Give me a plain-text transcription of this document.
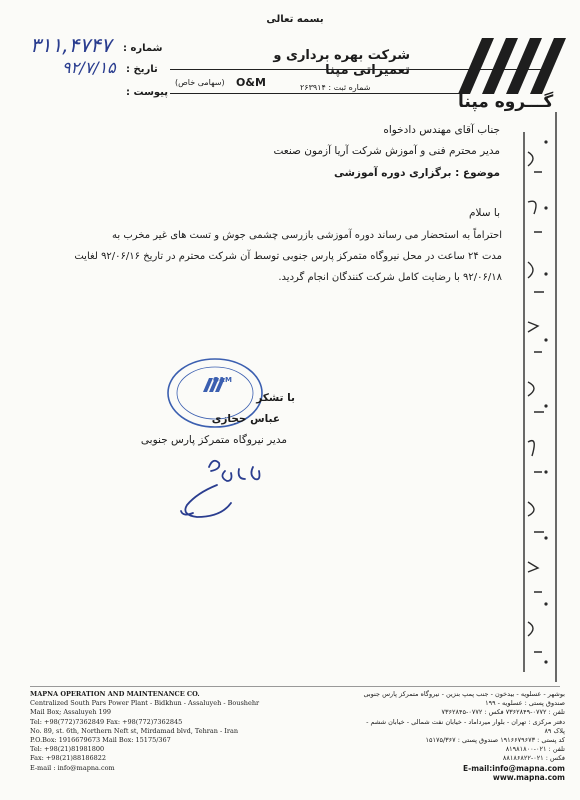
بسمه تعالی
شماره :
تاریخ :
پیوست :
۳۱۱,۴۷۴۷
۹۲/۷/۱۵
شرکت بهره برداری و تعمیراتی مپنا
O&M
(سهامی خاص)
شماره ثبت : ۲۶۳۹۱۴
گـــروه مپنا
جناب آقای مهندس دادخواه
مدیر محترم فنی و آموزش شرکت آریا آزمون صنعت
موضوع : برگزاری دوره آموزشی
با سلام
احتراماً به استحضار می رساند دوره آموزشی بازرسی چشمی جوش و تست های غیر مخرب به
مدت ۲۴ ساعت در محل نیروگاه متمرکز پارس جنوبی توسط آن شرکت محترم در تاریخ ۹۲/۰۶/۱۶ لغایت
۹۲/۰۶/۱۸ با رضایت کامل شرکت کنندگان انجام گردید.
O&M
با تشکر
عباس حجازی
مدیر نیروگاه متمرکز پارس جنوبی
MAPNA OPERATION AND MAINTENANCE CO.
Centralized South Pars Power Plant - Bidkhun - Assaluyeh - Boushehr
Mail Box; Assaluyeh 199
Tel: +98(772)7362849 Fax: +98(772)7362845
No. 89, st. 6th, Northern Neft st, Mirdamad blvd, Tehran - Iran
P.O.Box: 1916679673 Mail Box: 15175/367
Tel: +98(21)81981800
Fax: +98(21)88186822
E-mail : info@mapna.com
بوشهر - عسلویه - بیدخون - جنب پمپ بنزین - نیروگاه متمرکز پارس جنوبی
صندوق پستی : عسلویه - ۱۹۹
تلفن : ۰۷۷۲-۷۳۶۲۸۴۹ فکس : ۰۷۷۲-۷۳۶۲۸۴۵
دفتر مرکزی : تهران - بلوار میرداماد - خیابان نفت شمالی - خیابان ششم - پلاک ۸۹
کد پستی : ۱۹۱۶۶۷۹۶۷۳ صندوق پستی : ۱۵۱۷۵/۳۶۷
تلفن : ۰۲۱-۸۱۹۸۱۸۰۰
فکس : ۰۲۱-۸۸۱۸۶۸۲۲
E-mail:info@mapna.com
www.mapna.com
